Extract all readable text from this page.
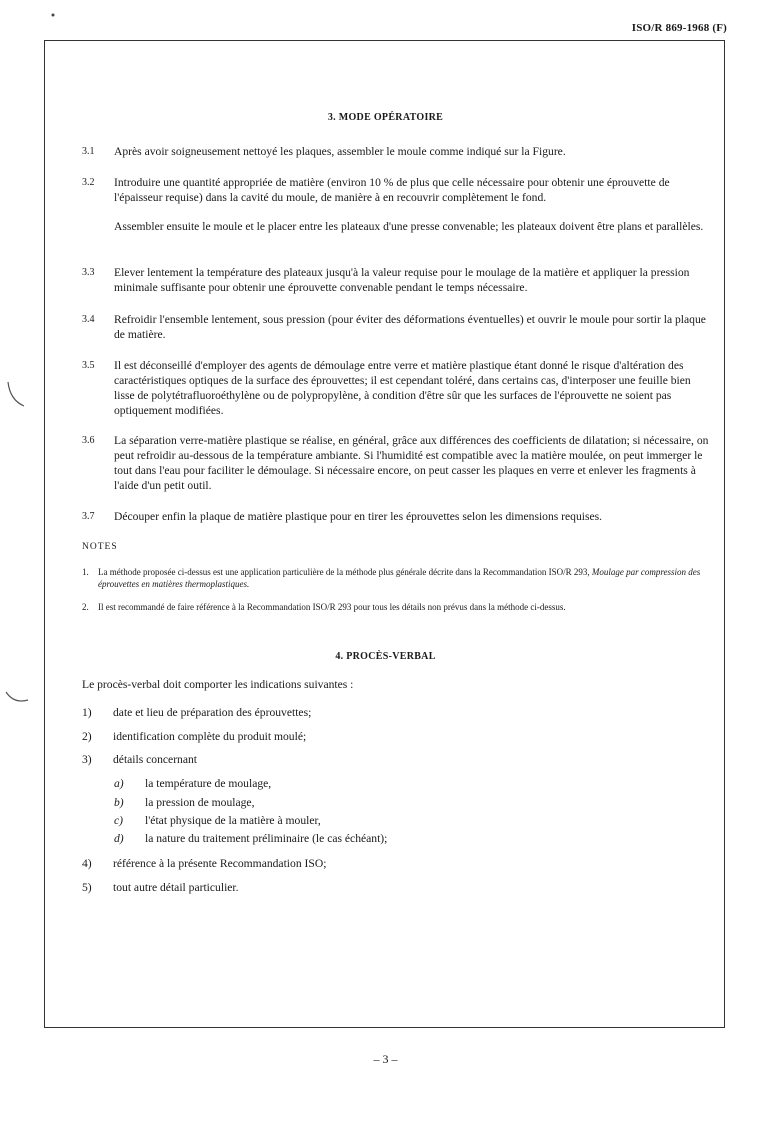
ISO/R 869-1968 (F)
3. MODE OPÉRATOIRE
3.1 Après avoir soigneusement nettoyé les plaques, assembler le moule comme indiqué sur la Figure.
3.2 Introduire une quantité appropriée de matière (environ 10 % de plus que celle nécessaire pour obtenir une éprouvette de l'épaisseur requise) dans la cavité du moule, de manière à en recouvrir complètement le fond.
Assembler ensuite le moule et le placer entre les plateaux d'une presse convenable; les plateaux doivent être plans et parallèles.
3.3 Elever lentement la température des plateaux jusqu'à la valeur requise pour le moulage de la matière et appliquer la pression minimale suffisante pour obtenir une éprouvette convenable pendant le temps nécessaire.
3.4 Refroidir l'ensemble lentement, sous pression (pour éviter des déformations éventuelles) et ouvrir le moule pour sortir la plaque de matière.
3.5 Il est déconseillé d'employer des agents de démoulage entre verre et matière plastique étant donné le risque d'altération des caractéristiques optiques de la surface des éprouvettes; il est cependant toléré, dans certains cas, d'interposer une feuille bien lisse de polytétrafluoroéthylène ou de polypropylène, à condition d'être sûr que les surfaces de l'éprouvette ne soient pas optiquement modifiées.
3.6 La séparation verre-matière plastique se réalise, en général, grâce aux différences des coefficients de dilatation; si nécessaire, on peut refroidir au-dessous de la température ambiante. Si l'humidité est compatible avec la matière moulée, on peut immerger le tout dans l'eau pour faciliter le démoulage. Si nécessaire encore, on peut casser les plaques en verre et enlever les fragments à l'aide d'un petit outil.
3.7 Découper enfin la plaque de matière plastique pour en tirer les éprouvettes selon les dimensions requises.
NOTES
1. La méthode proposée ci-dessus est une application particulière de la méthode plus générale décrite dans la Recommandation ISO/R 293, Moulage par compression des éprouvettes en matières thermoplastiques.
2. Il est recommandé de faire référence à la Recommandation ISO/R 293 pour tous les détails non prévus dans la méthode ci-dessus.
4. PROCÈS-VERBAL
Le procès-verbal doit comporter les indications suivantes :
1) date et lieu de préparation des éprouvettes;
2) identification complète du produit moulé;
3) détails concernant
a) la température de moulage,
b) la pression de moulage,
c) l'état physique de la matière à mouler,
d) la nature du traitement préliminaire (le cas échéant);
4) référence à la présente Recommandation ISO;
5) tout autre détail particulier.
– 3 –
